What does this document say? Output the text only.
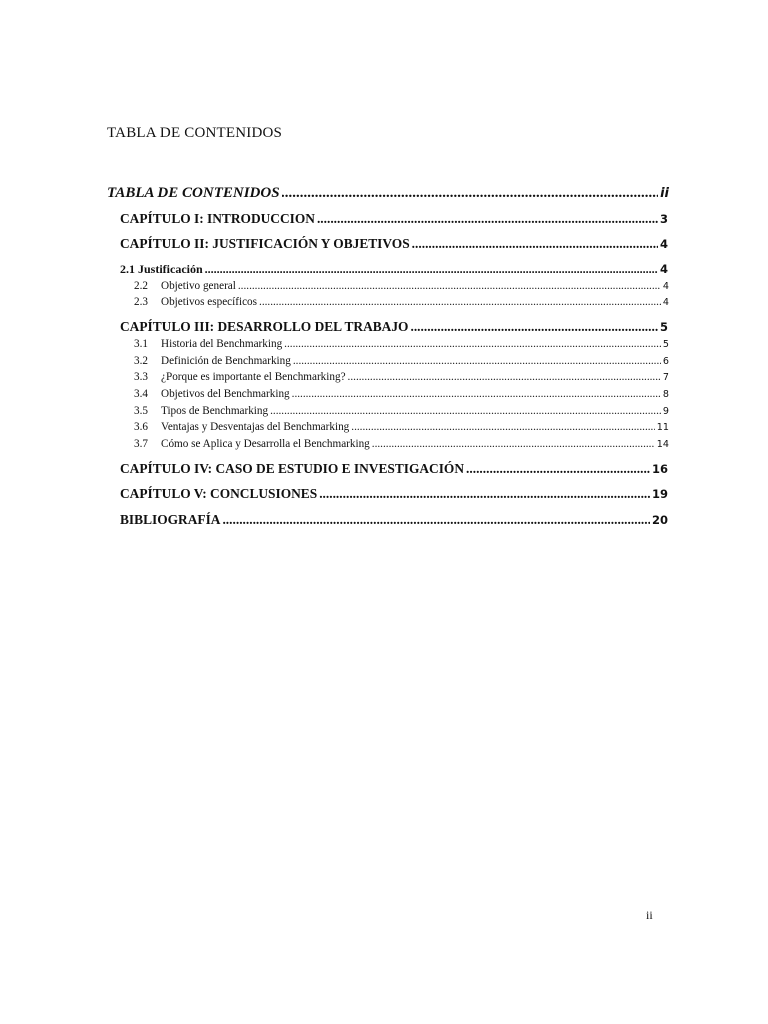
TABLA DE CONTENIDOS
TABLA DE CONTENIDOS .....	ii
CAPÍTULO I: INTRODUCCION .....	3
CAPÍTULO II: JUSTIFICACIÓN Y OBJETIVOS .....	4
2.1 Justificación .....	4
2.2	Objetivo general .....	4
2.3	Objetivos específicos .....	4
CAPÍTULO III: DESARROLLO DEL TRABAJO .....	5
3.1	Historia del Benchmarking .....	5
3.2	Definición de Benchmarking .....	6
3.3	¿Porque es importante el Benchmarking? .....	7
3.4	Objetivos del Benchmarking .....	8
3.5	Tipos de Benchmarking .....	9
3.6	Ventajas y Desventajas del Benchmarking .....	11
3.7	Cómo se Aplica y Desarrolla el Benchmarking .....	14
CAPÍTULO IV: CASO DE ESTUDIO E INVESTIGACIÓN .....	16
CAPÍTULO V: CONCLUSIONES .....	19
BIBLIOGRAFÍA .....	20
ii
